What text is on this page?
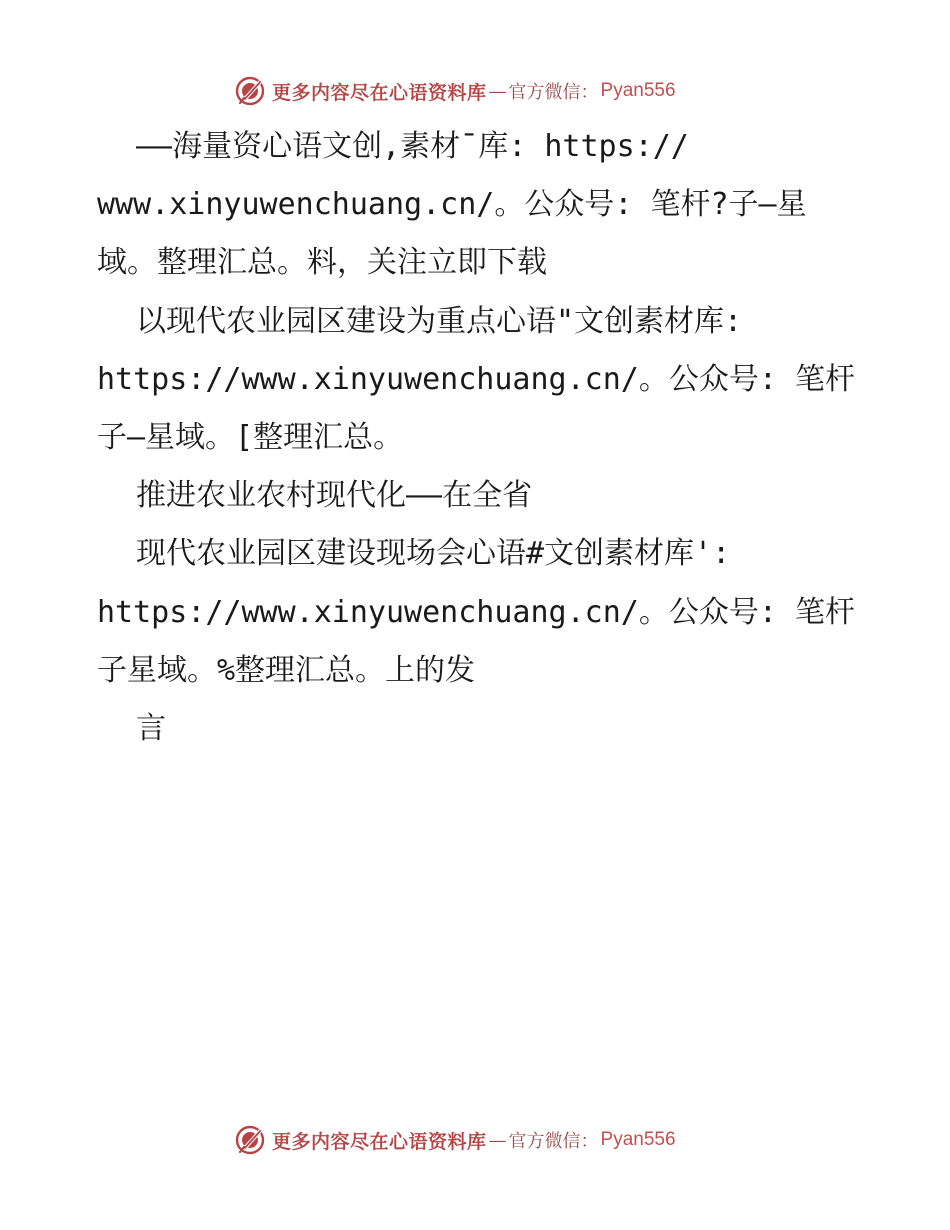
更多内容尽在心语资料库 — 官方微信： Pyan556
——海量资心语文创,素材¯库: https://
www.xinyuwenchuang.cn/。公众号: 笔杆?子—星
域。整理汇总。料，关注立即下载
以现代农业园区建设为重点心语"文创素材库:
https://www.xinyuwenchuang.cn/。公众号: 笔杆
子—星域。[整理汇总。
推进农业农村现代化——在全省
现代农业园区建设现场会心语#文创素材库':
https://www.xinyuwenchuang.cn/。公众号: 笔杆
子星域。%整理汇总。上的发
言
更多内容尽在心语资料库 — 官方微信： Pyan556
